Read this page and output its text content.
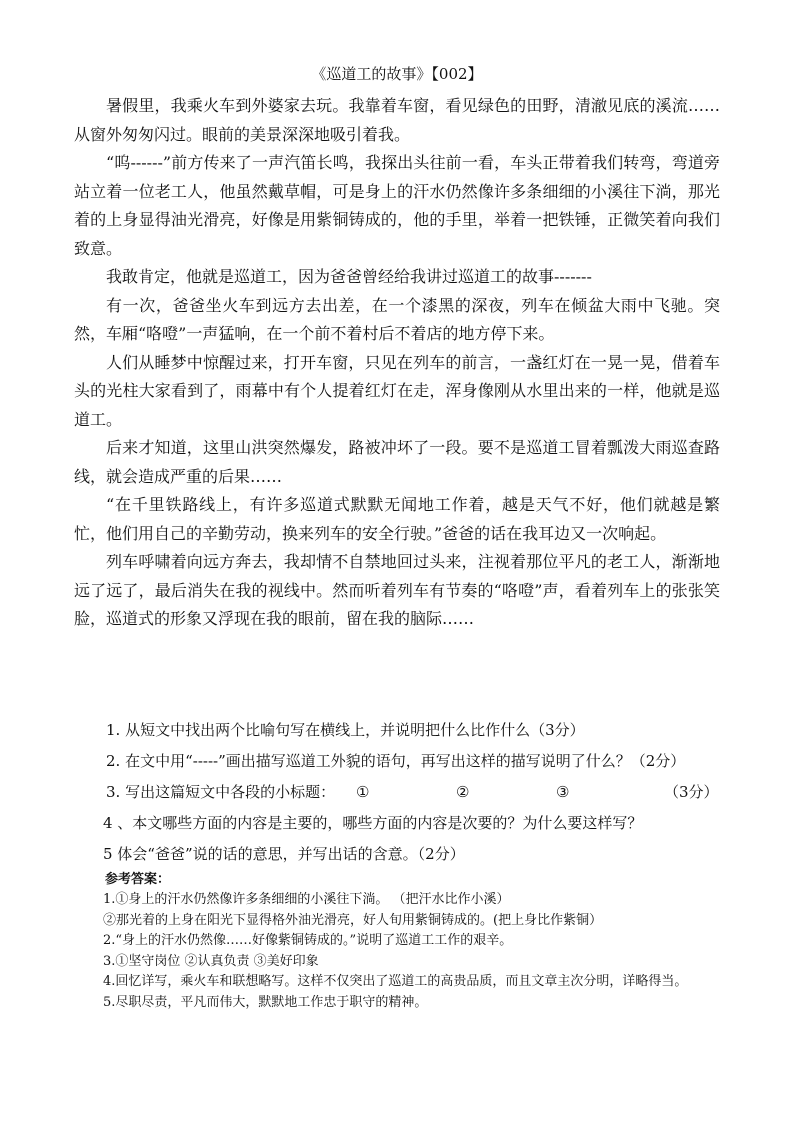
《巡道工的故事》【002】

暑假里，我乘火车到外婆家去玩。我靠着车窗，看见绿色的田野，清澈见底的溪流……从窗外匆匆闪过。眼前的美景深深地吸引着我。

“呜------”前方传来了一声汽笛长鸣，我探出头往前一看，车头正带着我们转弯，弯道旁站立着一位老工人，他虽然戴草帽，可是身上的汗水仍然像许多条细细的小溪往下淌，那光着的上身显得油光滑亮，好像是用紫铜铸成的，他的手里，举着一把铁锤，正微笑着向我们致意。

我敢肯定，他就是巡道工，因为爸爸曾经给我讲过巡道工的故事-------

有一次，爸爸坐火车到远方去出差，在一个漆黑的深夜，列车在倾盆大雨中飞驰。突然，车厢“咯噔”一声猛响，在一个前不着村后不着店的地方停下来。

人们从睡梦中惊醒过来，打开车窗，只见在列车的前言，一盏红灯在一晃一晃，借着车头的光柱大家看到了，雨幕中有个人提着红灯在走，浑身像刚从水里出来的一样，他就是巡道工。

后来才知道，这里山洪突然爆发，路被冲坏了一段。要不是巡道工冒着瓢泼大雨巡查路线，就会造成严重的后果……

“在千里铁路线上，有许多巡道式默默无闻地工作着，越是天气不好，他们就越是繁忙，他们用自己的辛勤劳动，换来列车的安全行驶。”爸爸的话在我耳边又一次响起。

列车呼啸着向远方奔去，我却情不自禁地回过头来，注视着那位平凡的老工人，渐渐地远了远了，最后消失在我的视线中。然而听着列车有节奏的“咯噔”声，看着列车上的张张笑脸，巡道式的形象又浮现在我的眼前，留在我的脑际……

1. 从短文中找出两个比喻句写在横线上，并说明把什么比作什么（3分）
2. 在文中用“-----”画出描写巡道工外貌的语句，再写出这样的描写说明了什么？（2分）
3. 写出这篇短文中各段的小标题： ①	②	③	（3分）
4 、本文哪些方面的内容是主要的，哪些方面的内容是次要的？为什么要这样写？
5 体会“爸爸”说的话的意思，并写出话的含意。（2分）
参考答案：
1.①身上的汗水仍然像许多条细细的小溪往下淌。 （把汗水比作小溪）
②那光着的上身在阳光下显得格外油光滑亮，好人旬用紫铜铸成的。(把上身比作紫铜）
2.“身上的汗水仍然像……好像紫铜铸成的。”说明了巡道工工作的艰辛。
3.①坚守岗位 ②认真负责 ③美好印象
4.回忆详写，乘火车和联想略写。这样不仅突出了巡道工的高贵品质，而且文章主次分明，详略得当。
5.尽职尽责，平凡而伟大，默默地工作忠于职守的精神。
